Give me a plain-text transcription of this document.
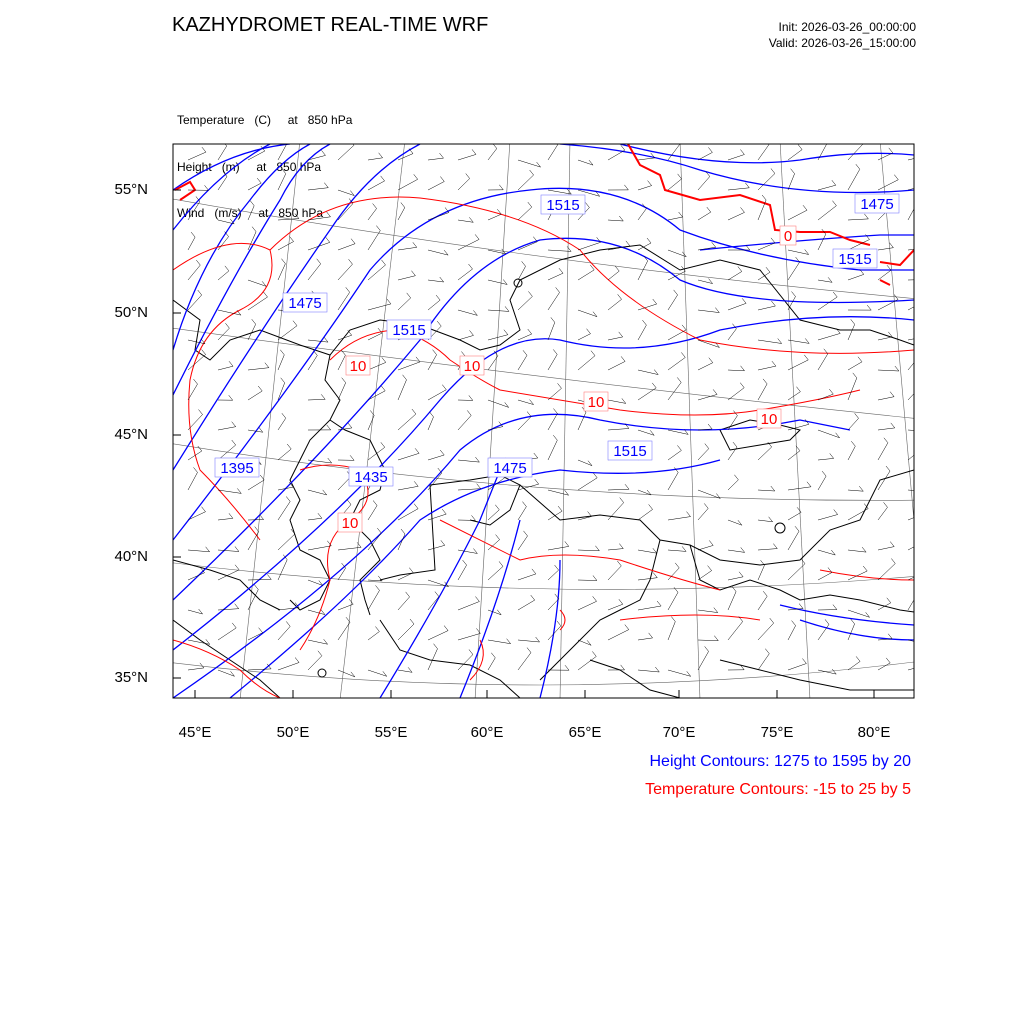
KAZHYDROMET REAL-TIME WRF	Init: 2026-03-26_00:00:00
Valid: 2026-03-26_15:00:00

Temperature   (C)     at   850 hPa

Height   (m)     at   850 hPa

Wind   (m/s)     at   850 hPa	1515	1475
1515
1475
1515
1515
1395
1435
1475
0
10	10
10
10
10
55°N
50°N
45°N
40°N
35°N
45°E	50°E	55°E	60°E	65°E	70°E	75°E	80°E
Height Contours: 1275 to 1595 by 20
Temperature Contours: -15 to 25 by 5
